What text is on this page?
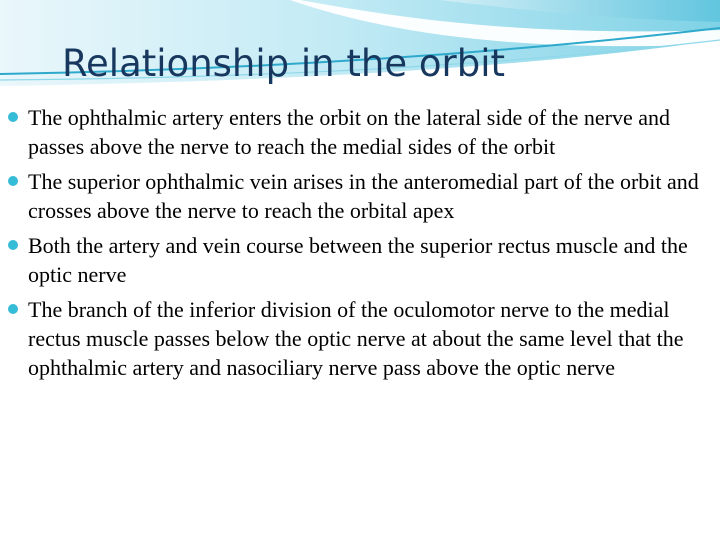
Relationship in the orbit
The ophthalmic artery enters the orbit on the lateral side of the nerve and passes above the nerve to reach the medial sides of the orbit
The superior ophthalmic vein arises in the anteromedial part of the orbit and crosses above the nerve to reach the orbital apex
Both the artery and vein course between the superior rectus muscle and the optic nerve
The branch of the inferior division of the oculomotor nerve to the medial rectus muscle passes below the optic nerve at about the same level that the ophthalmic artery and nasociliary nerve pass above the optic nerve
